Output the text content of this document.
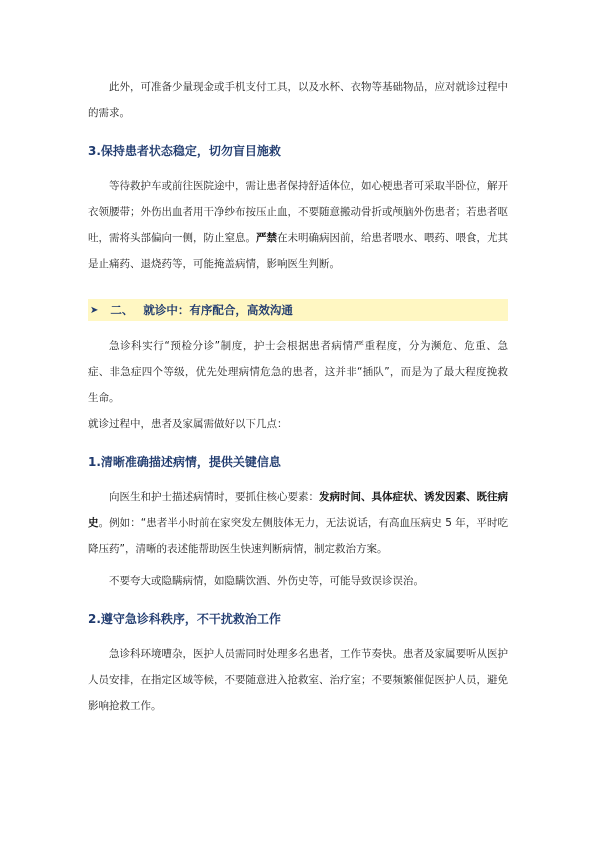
此外，可准备少量现金或手机支付工具，以及水杯、衣物等基础物品，应对就诊过程中的需求。

3.保持患者状态稳定，切勿盲目施救

等待救护车或前往医院途中，需让患者保持舒适体位，如心梗患者可采取半卧位，解开衣领腰带；外伤出血者用干净纱布按压止血，不要随意搬动骨折或颅脑外伤患者；若患者呕吐，需将头部偏向一侧，防止窒息。严禁在未明确病因前，给患者喂水、喂药、喂食，尤其是止痛药、退烧药等，可能掩盖病情，影响医生判断。

➤ 二、 就诊中：有序配合，高效沟通

急诊科实行“预检分诊”制度，护士会根据患者病情严重程度，分为濒危、危重、急症、非急症四个等级，优先处理病情危急的患者，这并非“插队”，而是为了最大程度挽救生命。

就诊过程中，患者及家属需做好以下几点：

1.清晰准确描述病情，提供关键信息

向医生和护士描述病情时，要抓住核心要素：发病时间、具体症状、诱发因素、既往病史。例如：“患者半小时前在家突发左侧肢体无力，无法说话，有高血压病史 5 年，平时吃降压药”，清晰的表述能帮助医生快速判断病情，制定救治方案。

不要夸大或隐瞒病情，如隐瞒饮酒、外伤史等，可能导致误诊误治。

2.遵守急诊科秩序，不干扰救治工作

急诊科环境嘈杂，医护人员需同时处理多名患者，工作节奏快。患者及家属要听从医护人员安排，在指定区域等候，不要随意进入抢救室、治疗室；不要频繁催促医护人员，避免影响抢救工作。
